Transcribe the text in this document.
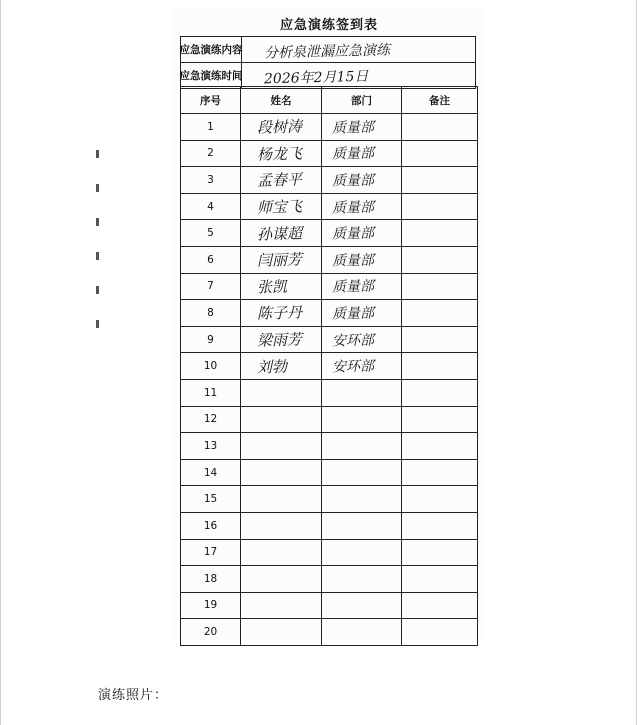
应急演练签到表
应急演练内容 分析泉泄漏应急演练
应急演练时间 2026年2月15日
序号	姓名	部门	备注
1	段树涛	质量部	
2	杨龙飞	质量部	
3	孟春平	质量部	
4	师宝飞	质量部	
5	孙谋超	质量部	
6	闫丽芳	质量部	
7	张凯	质量部	
8	陈子丹	质量部	
9	梁雨芳	安环部	
10	刘勃	安环部	
11			
12			
13			
14			
15			
16			
17			
18			
19			
20			
演练照片：
